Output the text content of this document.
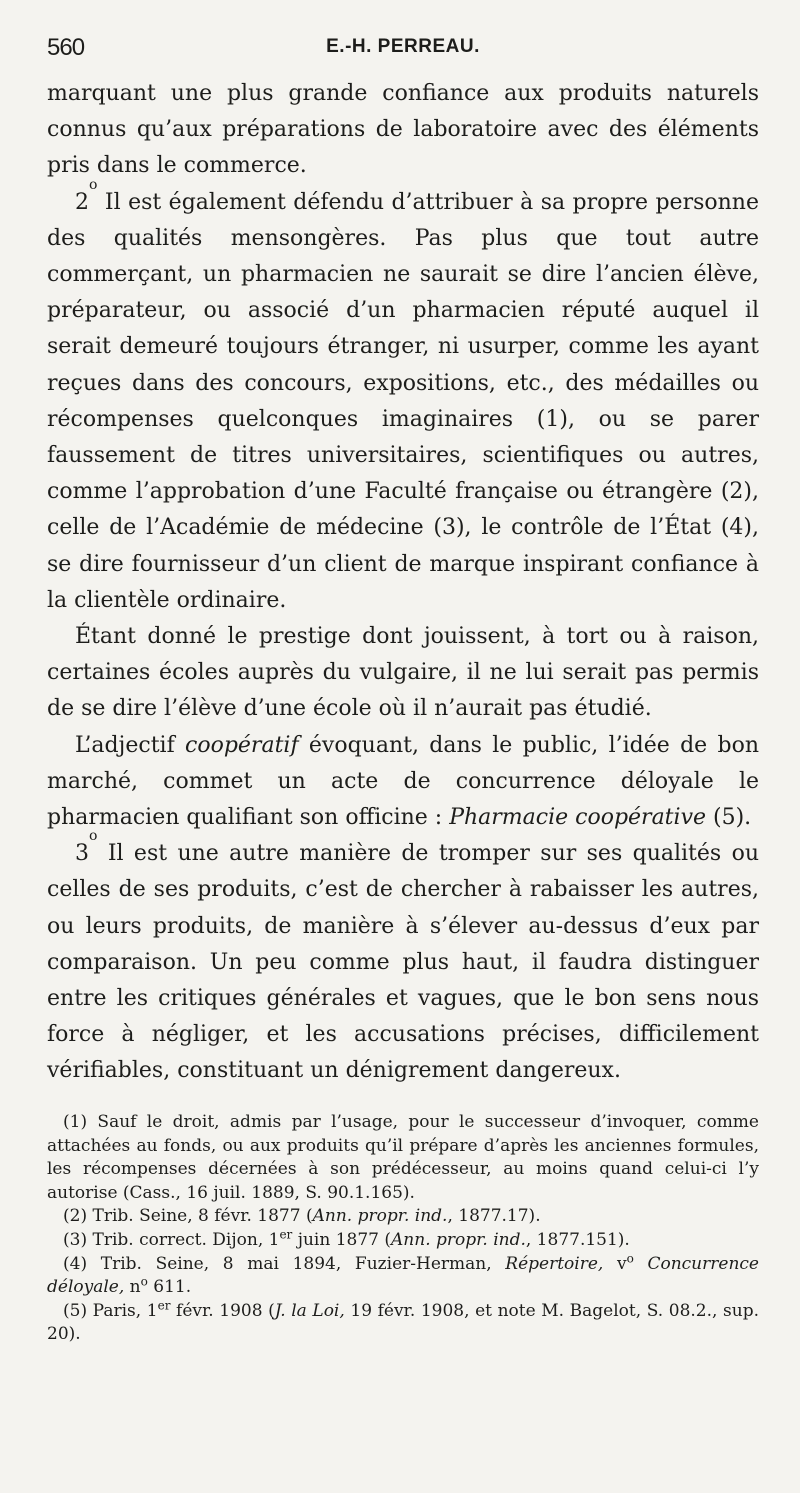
560	E.-H. PERREAU.

marquant une plus grande confiance aux produits naturels connus qu’aux préparations de laboratoire avec des éléments pris dans le commerce.

2$^o$ Il est également défendu d’attribuer à sa propre personne des qualités mensongères. Pas plus que tout autre commerçant, un pharmacien ne saurait se dire l’ancien élève, préparateur, ou associé d’un pharmacien réputé auquel il serait demeuré toujours étranger, ni usurper, comme les ayant reçues dans des concours, expositions, etc., des médailles ou récompenses quelconques imaginaires (1), ou se parer faussement de titres universitaires, scientifiques ou autres, comme l’approbation d’une Faculté française ou étrangère (2), celle de l’Académie de médecine (3), le contrôle de l’État (4), se dire fournisseur d’un client de marque inspirant confiance à la clientèle ordinaire.

Étant donné le prestige dont jouissent, à tort ou à raison, certaines écoles auprès du vulgaire, il ne lui serait pas permis de se dire l’élève d’une école où il n’aurait pas étudié.

L’adjectif coopératif évoquant, dans le public, l’idée de bon marché, commet un acte de concurrence déloyale le pharmacien qualifiant son officine : Pharmacie coopérative (5).

3$^o$ Il est une autre manière de tromper sur ses qualités ou celles de ses produits, c’est de chercher à rabaisser les autres, ou leurs produits, de manière à s’élever au-dessus d’eux par comparaison. Un peu comme plus haut, il faudra distinguer entre les critiques générales et vagues, que le bon sens nous force à négliger, et les accusations précises, difficilement vérifiables, constituant un dénigrement dangereux.

(1) Sauf le droit, admis par l’usage, pour le successeur d’invoquer, comme attachées au fonds, ou aux produits qu’il prépare d’après les anciennes formules, les récompenses décernées à son prédécesseur, au moins quand celui-ci l’y autorise (Cass., 16 juil. 1889, S. 90.1.165).

(2) Trib. Seine, 8 févr. 1877 (Ann. propr. ind., 1877.17).

(3) Trib. correct. Dijon, 1er juin 1877 (Ann. propr. ind., 1877.151).

(4) Trib. Seine, 8 mai 1894, Fuzier-Herman, Répertoire, $v^o$ Concurrence déloyale, $n^o$ 611.

(5) Paris, 1er févr. 1908 (J. la Loi, 19 févr. 1908, et note M. Bagelot, S. 08.2., sup. 20).
